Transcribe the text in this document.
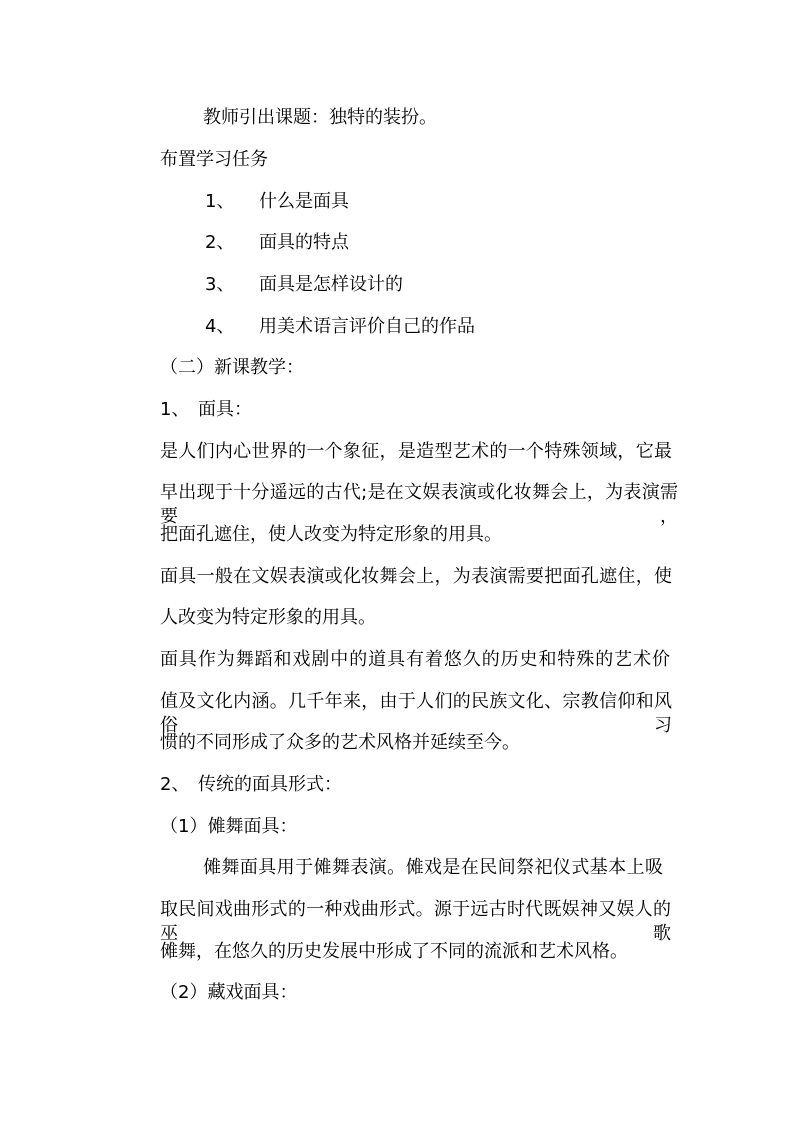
教师引出课题：独特的装扮。
布置学习任务
1、 什么是面具
2、 面具的特点
3、 面具是怎样设计的
4、 用美术语言评价自己的作品
（二）新课教学：
1、 面具：
是人们内心世界的一个象征，是造型艺术的一个特殊领域，它最
早出现于十分遥远的古代;是在文娱表演或化妆舞会上，为表演需要，
把面孔遮住，使人改变为特定形象的用具。
面具一般在文娱表演或化妆舞会上，为表演需要把面孔遮住，使
人改变为特定形象的用具。
面具作为舞蹈和戏剧中的道具有着悠久的历史和特殊的艺术价
值及文化内涵。几千年来，由于人们的民族文化、宗教信仰和风俗习
惯的不同形成了众多的艺术风格并延续至今。
2、 传统的面具形式：
（1）傩舞面具：
傩舞面具用于傩舞表演。傩戏是在民间祭祀仪式基本上吸
取民间戏曲形式的一种戏曲形式。源于远古时代既娱神又娱人的巫歌
傩舞，在悠久的历史发展中形成了不同的流派和艺术风格。
（2）藏戏面具：
